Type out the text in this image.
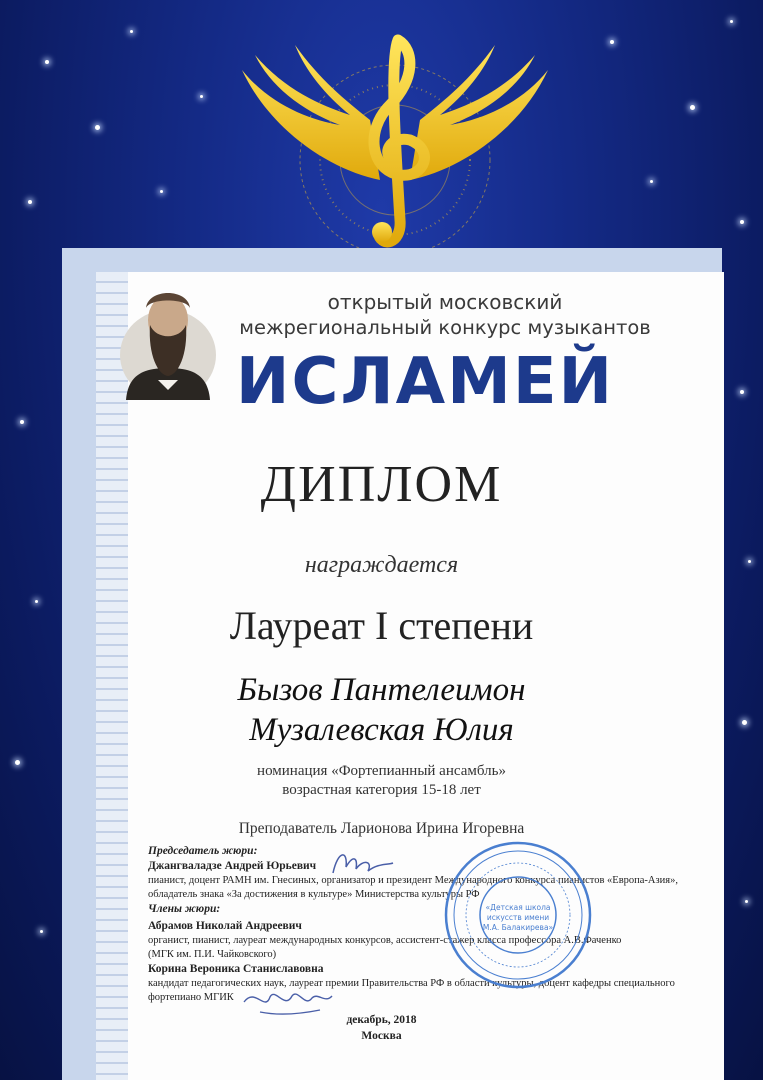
открытый московский
межрегиональный конкурс музыкантов
ИСЛАМЕЙ
ДИПЛОМ
награждается
Лауреат I степени
Бызов Пантелеимон
Музалевская Юлия
номинация «Фортепианный ансамбль»
возрастная категория 15-18 лет
Преподаватель Ларионова Ирина Игоревна
Председатель жюри:
Джангвaладзе Андрей Юрьевич
пианист, доцент РАМН им. Гнесиных, организатор и президент Международного конкурса пианистов «Европа-Азия»,
обладатель знака «За достижения в культуре» Министерства культуры РФ
Члены жюри:
Абрамов Николай Андреевич
органист, пианист, лауреат международных конкурсов, ассистент-стажер класса профессора А.В.Фаченко
(МГК им. П.И. Чайковского)
Корина Вероника Станиславовна
кандидат педагогических наук, лауреат премии Правительства РФ в области культуры, доцент кафедры специального
фортепиано МГИК
«Детская школа
искусств имени
М.А. Балакирева»
декабрь, 2018
Москва
